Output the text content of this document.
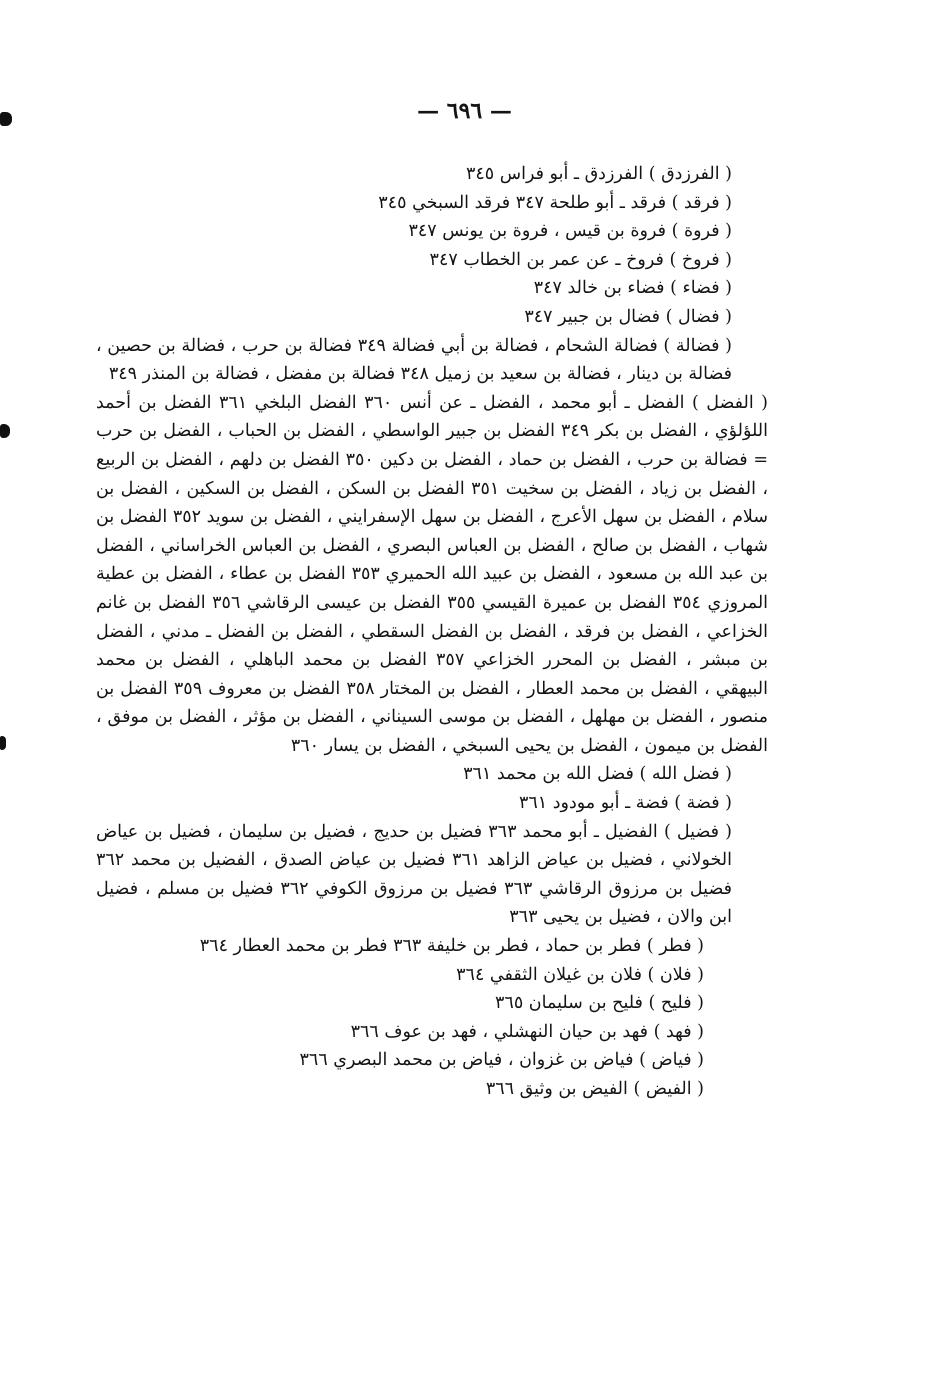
— ٦٩٦ —

( الفرزدق ) الفرزدق ـ أبو فراس ٣٤٥

( فرقد ) فرقد ـ أبو طلحة ٣٤٧ فرقد السبخي ٣٤٥

( فروة ) فروة بن قيس ، فروة بن يونس ٣٤٧

( فروخ ) فروخ ـ عن عمر بن الخطاب ٣٤٧

( فضاء ) فضاء بن خالد ٣٤٧

( فضال ) فضال بن جبير ٣٤٧

( فضالة ) فضالة الشحام ، فضالة بن أبي فضالة ٣٤٩ فضالة بن حرب ، فضالة بن حصين ، فضالة بن دينار ، فضالة بن سعيد بن زميل ٣٤٨ فضالة بن مفضل ، فضالة بن المنذر ٣٤٩

( الفضل ) الفضل ـ أبو محمد ، الفضل ـ عن أنس ٣٦٠ الفضل البلخي ٣٦١ الفضل بن أحمد اللؤلؤي ، الفضل بن بكر ٣٤٩ الفضل بن جبير الواسطي ، الفضل بن الحباب ، الفضل بن حرب = فضالة بن حرب ، الفضل بن حماد ، الفضل بن دكين ٣٥٠ الفضل بن دلهم ، الفضل بن الربيع ، الفضل بن زياد ، الفضل بن سخيت ٣٥١ الفضل بن السكن ، الفضل بن السكين ، الفضل بن سلام ، الفضل بن سهل الأعرج ، الفضل بن سهل الإسفرايني ، الفضل بن سويد ٣٥٢ الفضل بن شهاب ، الفضل بن صالح ، الفضل بن العباس البصري ، الفضل بن العباس الخراساني ، الفضل بن عبد الله بن مسعود ، الفضل بن عبيد الله الحميري ٣٥٣ الفضل بن عطاء ، الفضل بن عطية المروزي ٣٥٤ الفضل بن عميرة القيسي ٣٥٥ الفضل بن عيسى الرقاشي ٣٥٦ الفضل بن غانم الخزاعي ، الفضل بن فرقد ، الفضل بن الفضل السقطي ، الفضل بن الفضل ـ مدني ، الفضل بن مبشر ، الفضل بن المحرر الخزاعي ٣٥٧ الفضل بن محمد الباهلي ، الفضل بن محمد البيهقي ، الفضل بن محمد العطار ، الفضل بن المختار ٣٥٨ الفضل بن معروف ٣٥٩ الفضل بن منصور ، الفضل بن مهلهل ، الفضل بن موسى السيناني ، الفضل بن مؤثر ، الفضل بن موفق ، الفضل بن ميمون ، الفضل بن يحيى السبخي ، الفضل بن يسار ٣٦٠

( فضل الله ) فضل الله بن محمد ٣٦١

( فضة ) فضة ـ أبو مودود ٣٦١

( فضيل ) الفضيل ـ أبو محمد ٣٦٣ فضيل بن حديج ، فضيل بن سليمان ، فضيل بن عياض الخولاني ، فضيل بن عياض الزاهد ٣٦١ فضيل بن عياض الصدق ، الفضيل بن محمد ٣٦٢ فضيل بن مرزوق الرقاشي ٣٦٣ فضيل بن مرزوق الكوفي ٣٦٢ فضيل بن مسلم ، فضيل ابن والان ، فضيل بن يحيى ٣٦٣

( فطر ) فطر بن حماد ، فطر بن خليفة ٣٦٣ فطر بن محمد العطار ٣٦٤

( فلان ) فلان بن غيلان الثقفي ٣٦٤

( فليح ) فليح بن سليمان ٣٦٥

( فهد ) فهد بن حيان النهشلي ، فهد بن عوف ٣٦٦

( فياض ) فياض بن غزوان ، فياض بن محمد البصري ٣٦٦

( الفيض ) الفيض بن وثيق ٣٦٦
